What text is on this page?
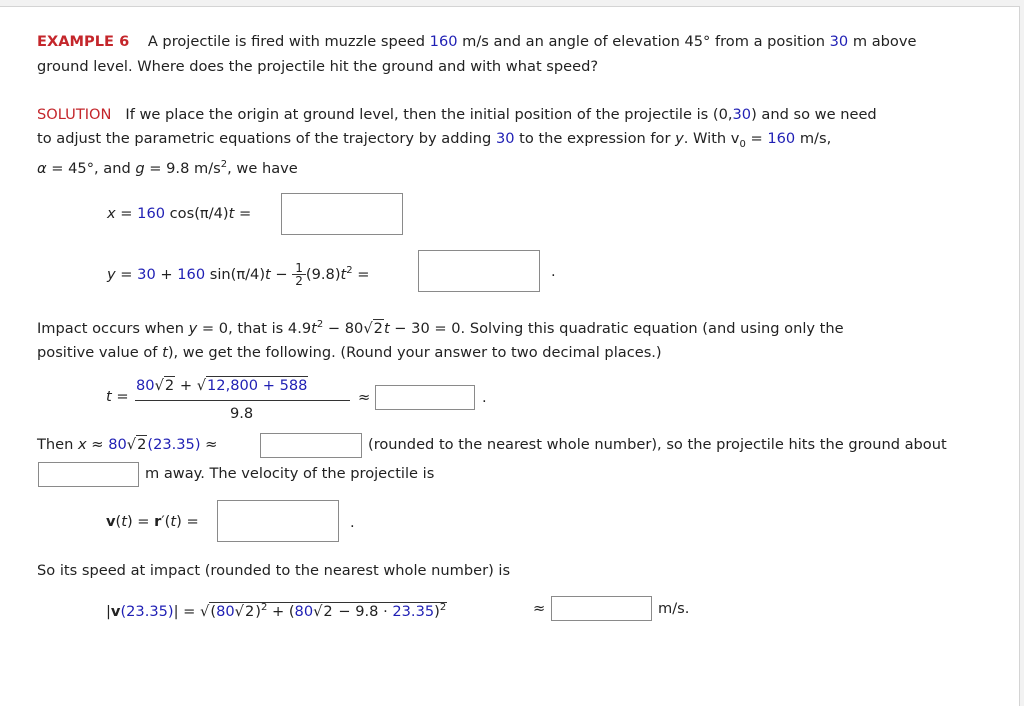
EXAMPLE 6 A projectile is fired with muzzle speed 160 m/s and an angle of elevation 45° from a position 30 m above
ground level. Where does the projectile hit the ground and with what speed?
SOLUTION If we place the origin at ground level, then the initial position of the projectile is (0,30) and so we need
to adjust the parametric equations of the trajectory by adding 30 to the expression for y. With $v_0 = 160$ m/s,
α = 45°, and g = 9.8 $m/s^2$, we have
x = 160 cos(π/4)t =
y = 30 + 160 $\sin(\pi/4)t - \frac{1}{2} (9.8)t^2$ =	.
Impact occurs when y = 0, that is $4.9t^2 - 80√2t - 30 = 0$. Solving this quadratic equation (and using only the
positive value of t), we get the following. (Round your answer to two decimal places.)
t =
80√2 + √12,800 + 588
9.8
≈	.
Then x ≈ 80√2(23.35) ≈	(rounded to the nearest whole number), so the projectile hits the ground about
m away. The velocity of the projectile is
v(t) = r′(t) =	.
So its speed at impact (rounded to the nearest whole number) is
$|v(23.35)| = √(80√2)^2 + (80√2 - 9.8 \cdot 23.35)^2$	≈	m/s.
